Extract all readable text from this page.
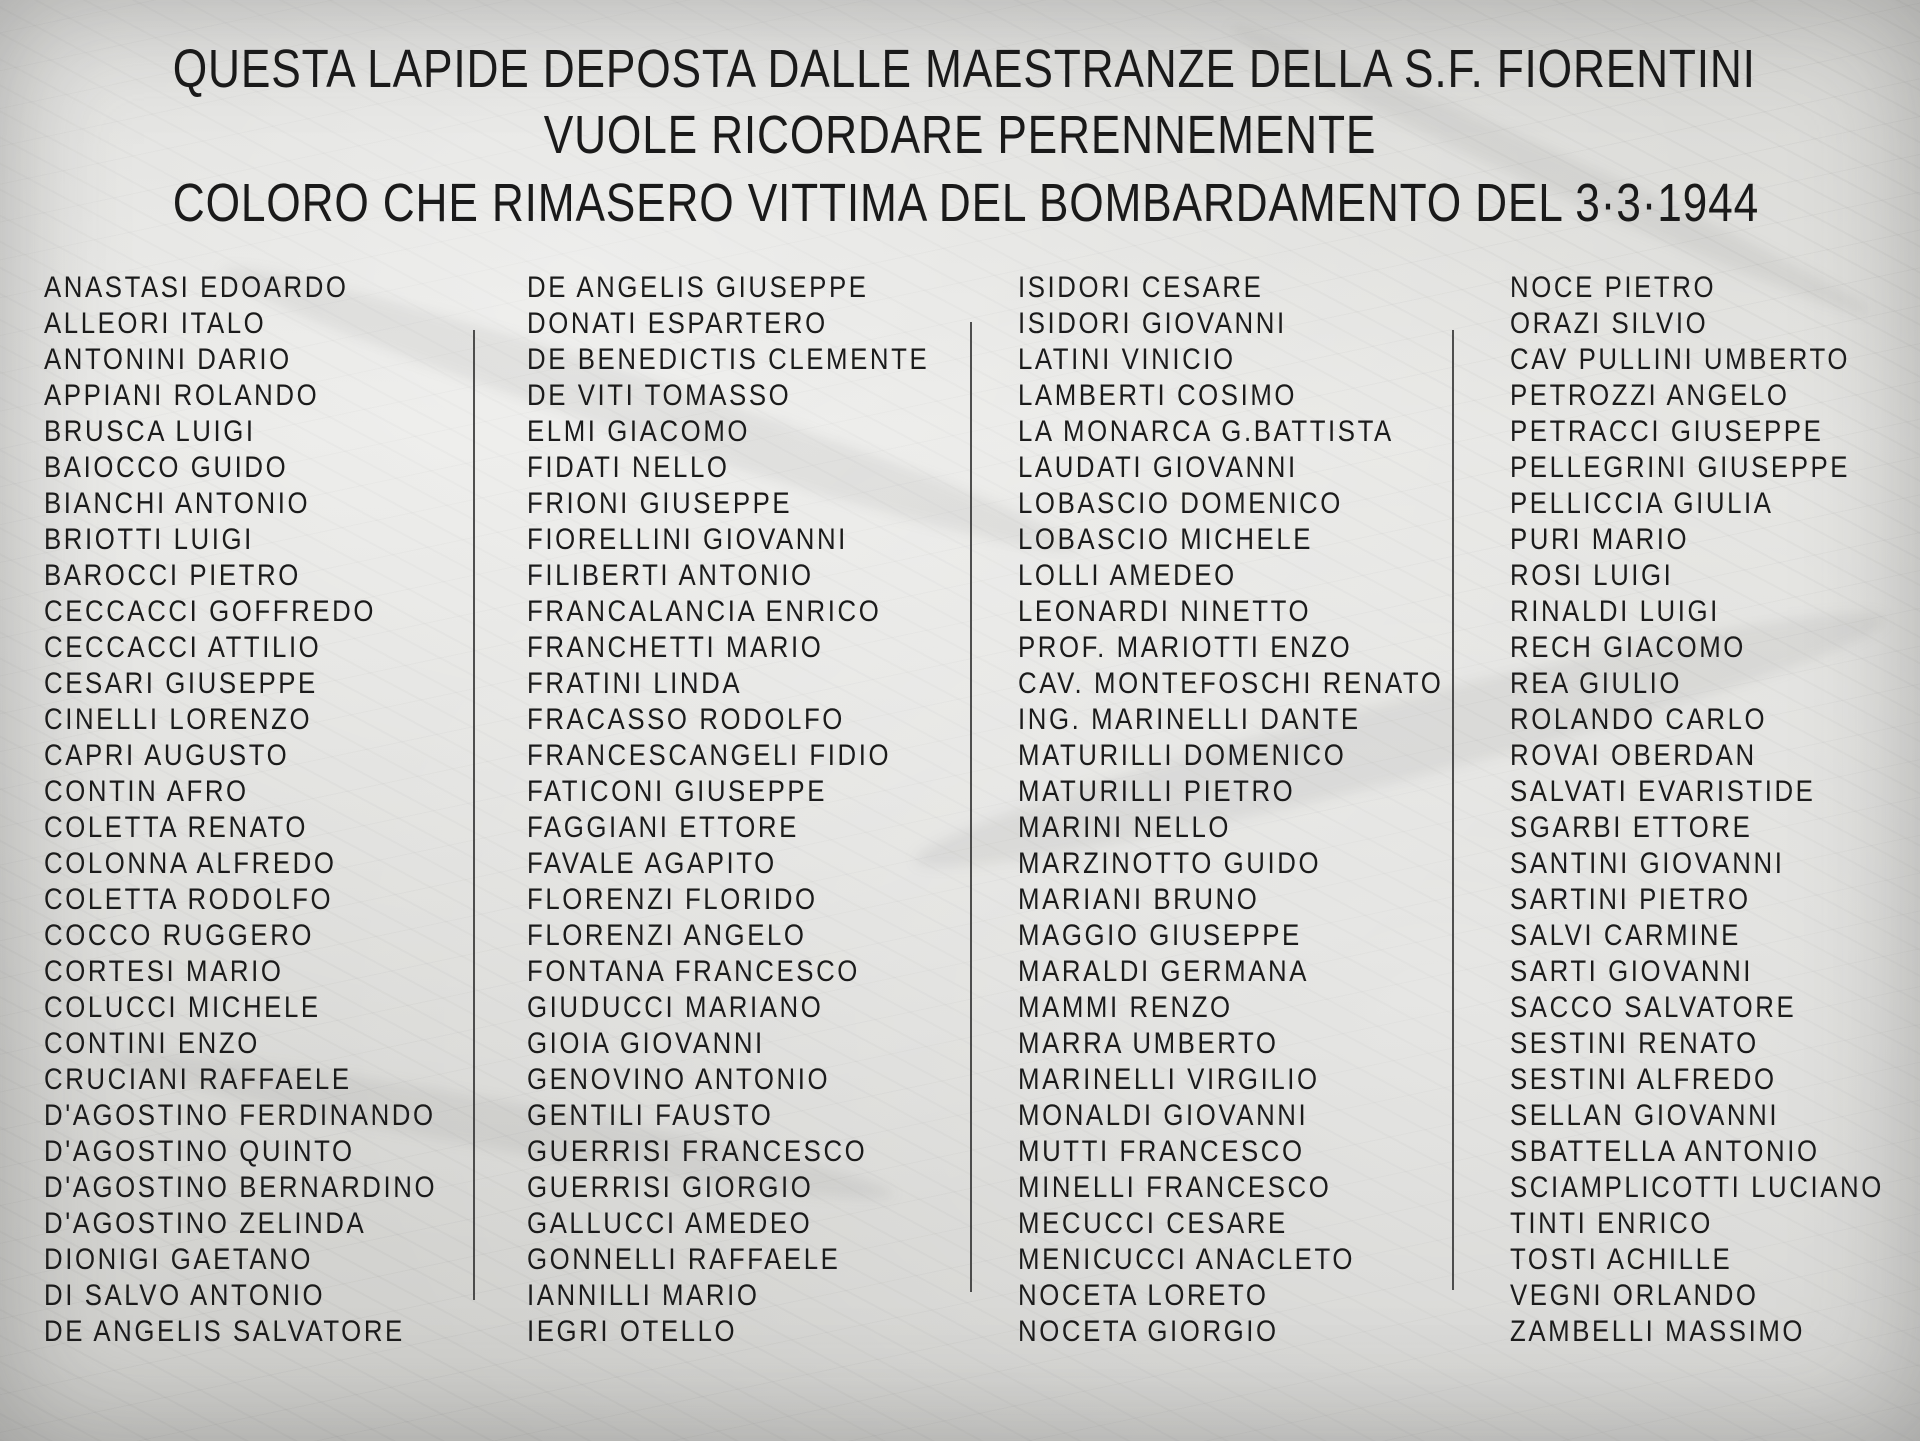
QUESTA LAPIDE DEPOSTA DALLE MAESTRANZE DELLA S.F. FIORENTINI
VUOLE RICORDARE PERENNEMENTE
COLORO CHE RIMASERO VITTIMA DEL BOMBARDAMENTO DEL 3·3·1944
ANASTASI EDOARDO
ALLEORI ITALO
ANTONINI DARIO
APPIANI ROLANDO
BRUSCA LUIGI
BAIOCCO GUIDO
BIANCHI ANTONIO
BRIOTTI LUIGI
BAROCCI PIETRO
CECCACCI GOFFREDO
CECCACCI ATTILIO
CESARI GIUSEPPE
CINELLI LORENZO
CAPRI AUGUSTO
CONTIN AFRO
COLETTA RENATO
COLONNA ALFREDO
COLETTA RODOLFO
COCCO RUGGERO
CORTESI MARIO
COLUCCI MICHELE
CONTINI ENZO
CRUCIANI RAFFAELE
D'AGOSTINO FERDINANDO
D'AGOSTINO QUINTO
D'AGOSTINO BERNARDINO
D'AGOSTINO ZELINDA
DIONIGI GAETANO
DI SALVO ANTONIO
DE ANGELIS SALVATORE
DE ANGELIS GIUSEPPE
DONATI ESPARTERO
DE BENEDICTIS CLEMENTE
DE VITI TOMASSO
ELMI GIACOMO
FIDATI NELLO
FRIONI GIUSEPPE
FIORELLINI GIOVANNI
FILIBERTI ANTONIO
FRANCALANCIA ENRICO
FRANCHETTI MARIO
FRATINI LINDA
FRACASSO RODOLFO
FRANCESCANGELI FIDIO
FATICONI GIUSEPPE
FAGGIANI ETTORE
FAVALE AGAPITO
FLORENZI FLORIDO
FLORENZI ANGELO
FONTANA FRANCESCO
GIUDUCCI MARIANO
GIOIA GIOVANNI
GENOVINO ANTONIO
GENTILI FAUSTO
GUERRISI FRANCESCO
GUERRISI GIORGIO
GALLUCCI AMEDEO
GONNELLI RAFFAELE
IANNILLI MARIO
IEGRI OTELLO
ISIDORI CESARE
ISIDORI GIOVANNI
LATINI VINICIO
LAMBERTI COSIMO
LA MONARCA G.BATTISTA
LAUDATI GIOVANNI
LOBASCIO DOMENICO
LOBASCIO MICHELE
LOLLI AMEDEO
LEONARDI NINETTO
PROF. MARIOTTI ENZO
CAV. MONTEFOSCHI RENATO
ING. MARINELLI DANTE
MATURILLI DOMENICO
MATURILLI PIETRO
MARINI NELLO
MARZINOTTO GUIDO
MARIANI BRUNO
MAGGIO GIUSEPPE
MARALDI GERMANA
MAMMI RENZO
MARRA UMBERTO
MARINELLI VIRGILIO
MONALDI GIOVANNI
MUTTI FRANCESCO
MINELLI FRANCESCO
MECUCCI CESARE
MENICUCCI ANACLETO
NOCETA LORETO
NOCETA GIORGIO
NOCE PIETRO
ORAZI SILVIO
CAV PULLINI UMBERTO
PETROZZI ANGELO
PETRACCI GIUSEPPE
PELLEGRINI GIUSEPPE
PELLICCIA GIULIA
PURI MARIO
ROSI LUIGI
RINALDI LUIGI
RECH GIACOMO
REA GIULIO
ROLANDO CARLO
ROVAI OBERDAN
SALVATI EVARISTIDE
SGARBI ETTORE
SANTINI GIOVANNI
SARTINI PIETRO
SALVI CARMINE
SARTI GIOVANNI
SACCO SALVATORE
SESTINI RENATO
SESTINI ALFREDO
SELLAN GIOVANNI
SBATTELLA ANTONIO
SCIAMPLICOTTI LUCIANO
TINTI ENRICO
TOSTI ACHILLE
VEGNI ORLANDO
ZAMBELLI MASSIMO
